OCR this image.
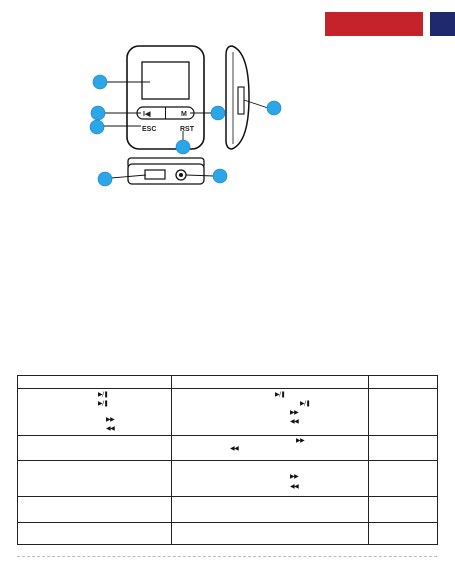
I◀	M
ESC	RST

▶/❚
▶/❚
▶▶
◀◀	▶/❚
▶/❚
▶▶
◀◀	

	▶▶
◀◀	

	▶▶
◀◀	
